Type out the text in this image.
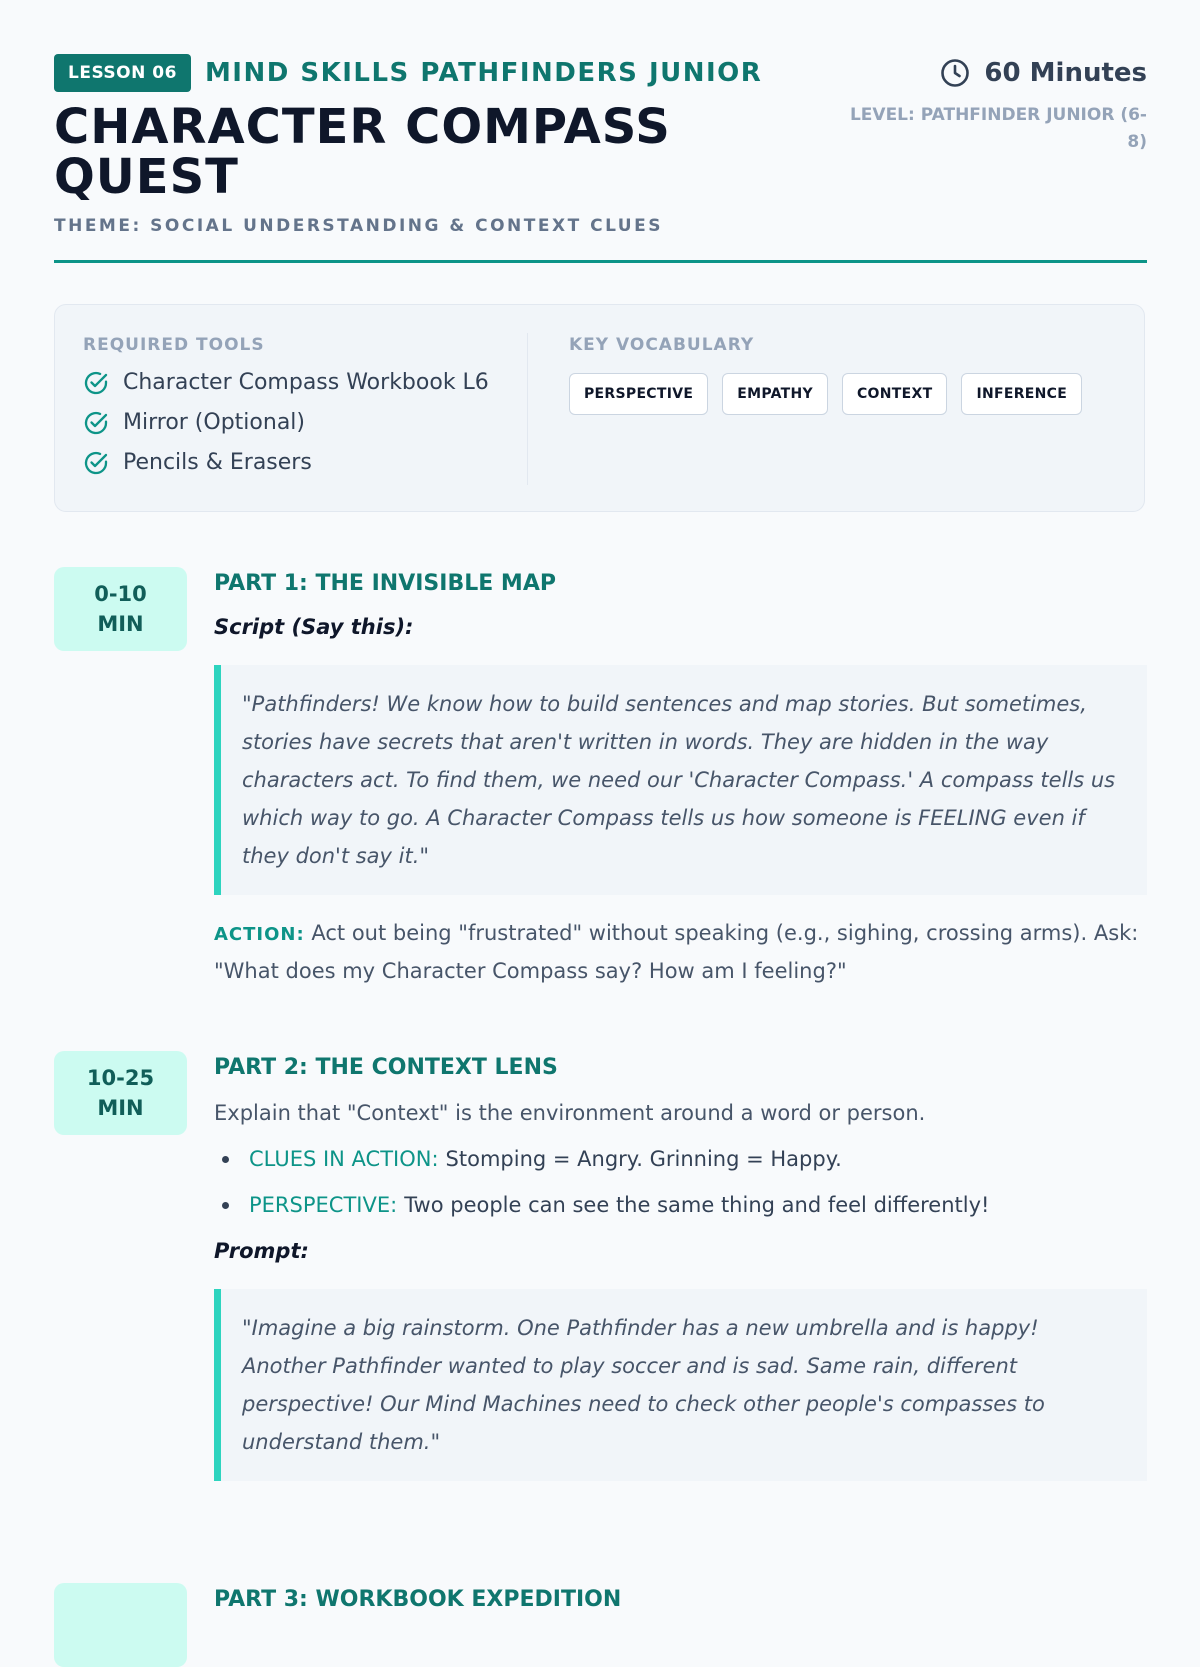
LESSON 06	MIND SKILLS PATHFINDERS JUNIOR
CHARACTER COMPASS QUEST
THEME: SOCIAL UNDERSTANDING & CONTEXT CLUES
60 Minutes
LEVEL: PATHFINDER JUNIOR (6-8)
REQUIRED TOOLS
Character Compass Workbook L6
Mirror (Optional)
Pencils & Erasers
KEY VOCABULARY
PERSPECTIVE	EMPATHY	CONTEXT	INFERENCE
0-10
MIN
PART 1: THE INVISIBLE MAP
Script (Say this):
"Pathfinders! We know how to build sentences and map stories. But sometimes, stories have secrets that aren't written in words. They are hidden in the way characters act. To find them, we need our 'Character Compass.' A compass tells us which way to go. A Character Compass tells us how someone is FEELING even if they don't say it."
ACTION: Act out being "frustrated" without speaking (e.g., sighing, crossing arms). Ask: "What does my Character Compass say? How am I feeling?"
10-25
MIN
PART 2: THE CONTEXT LENS
Explain that "Context" is the environment around a word or person.
CLUES IN ACTION: Stomping = Angry. Grinning = Happy.
PERSPECTIVE: Two people can see the same thing and feel differently!
Prompt:
"Imagine a big rainstorm. One Pathfinder has a new umbrella and is happy! Another Pathfinder wanted to play soccer and is sad. Same rain, different perspective! Our Mind Machines need to check other people's compasses to understand them."
PART 3: WORKBOOK EXPEDITION
